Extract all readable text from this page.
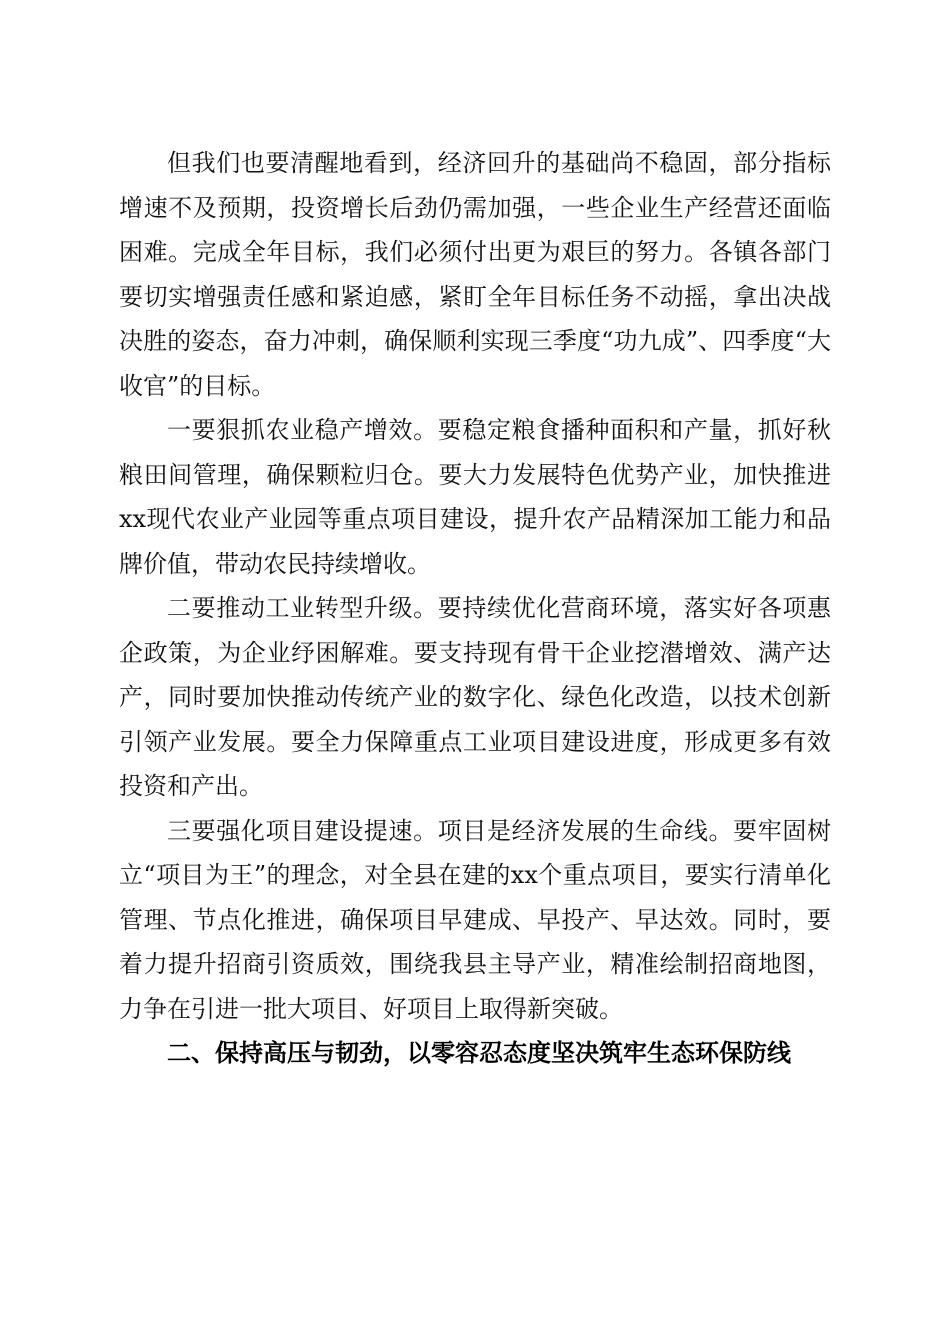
但我们也要清醒地看到，经济回升的基础尚不稳固，部分指标增速不及预期，投资增长后劲仍需加强，一些企业生产经营还面临困难。完成全年目标，我们必须付出更为艰巨的努力。各镇各部门要切实增强责任感和紧迫感，紧盯全年目标任务不动摇，拿出决战决胜的姿态，奋力冲刺，确保顺利实现三季度“功九成”、四季度“大收官”的目标。

一要狠抓农业稳产增效。要稳定粮食播种面积和产量，抓好秋粮田间管理，确保颗粒归仓。要大力发展特色优势产业，加快推进xx现代农业产业园等重点项目建设，提升农产品精深加工能力和品牌价值，带动农民持续增收。

二要推动工业转型升级。要持续优化营商环境，落实好各项惠企政策，为企业纾困解难。要支持现有骨干企业挖潜增效、满产达产，同时要加快推动传统产业的数字化、绿色化改造，以技术创新引领产业发展。要全力保障重点工业项目建设进度，形成更多有效投资和产出。

三要强化项目建设提速。项目是经济发展的生命线。要牢固树立“项目为王”的理念，对全县在建的xx个重点项目，要实行清单化管理、节点化推进，确保项目早建成、早投产、早达效。同时，要着力提升招商引资质效，围绕我县主导产业，精准绘制招商地图，力争在引进一批大项目、好项目上取得新突破。

二、保持高压与韧劲，以零容忍态度坚决筑牢生态环保防线
